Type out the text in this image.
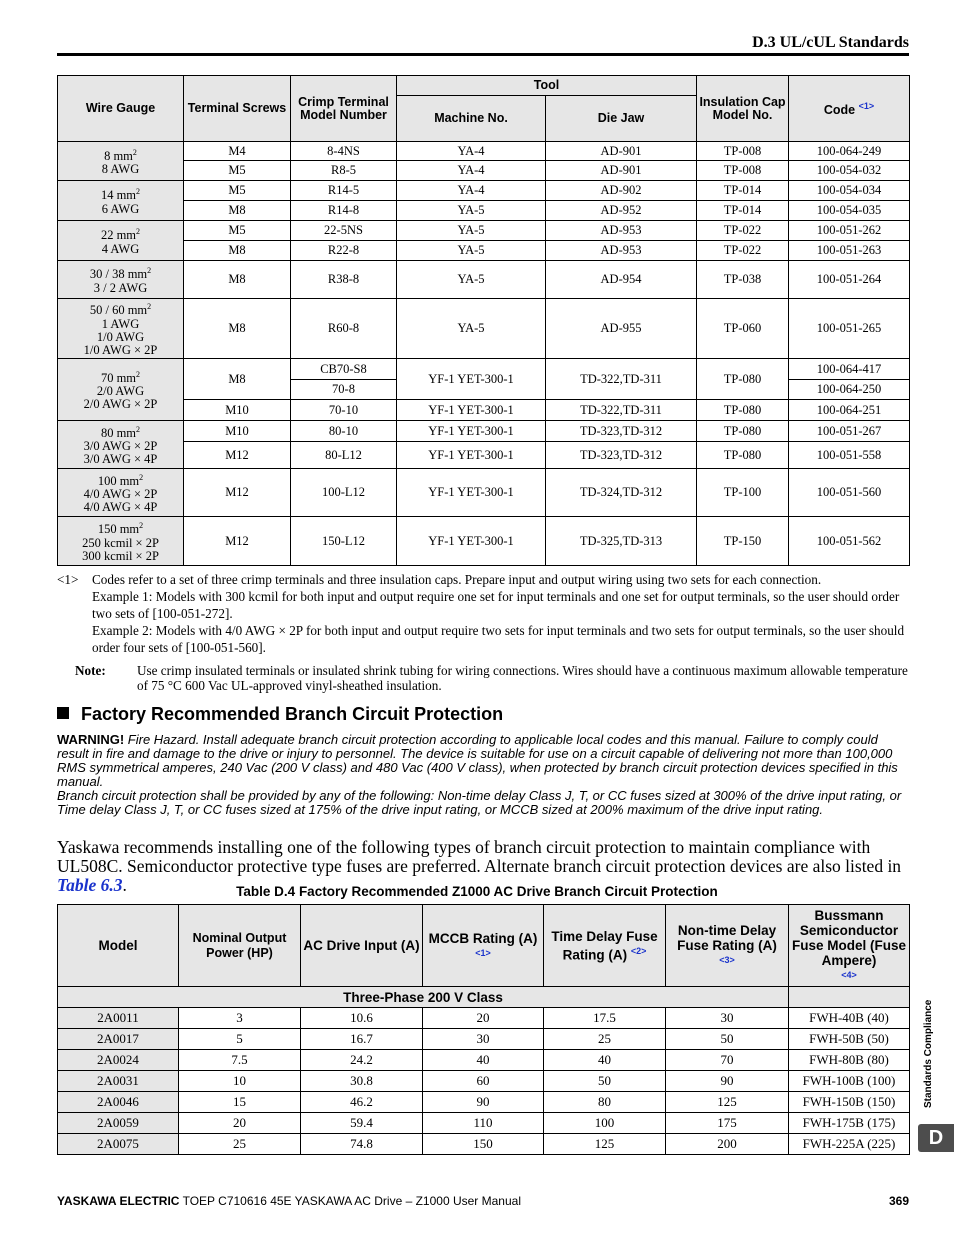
D.3 UL/cUL Standards
Wire Gauge	Terminal Screws	Crimp Terminal Model Number	Tool		Insulation Cap Model No.	Code $^{<1>}$
			Machine No.	Die Jaw		
8 $mm^2$
8 AWG	M4	8-4NS	YA-4	AD-901	TP-008	100-064-249
	M5	R8-5	YA-4	AD-901	TP-008	100-054-032
14 $mm^2$
6 AWG	M5	R14-5	YA-4	AD-902	TP-014	100-054-034
	M8	R14-8	YA-5	AD-952	TP-014	100-054-035
22 $mm^2$
4 AWG	M5	22-5NS	YA-5	AD-953	TP-022	100-051-262
	M8	R22-8	YA-5	AD-953	TP-022	100-051-263
30 / 38 $mm^2$
3 / 2 AWG	M8	R38-8	YA-5	AD-954	TP-038	100-051-264
50 / 60 $mm^2$
1 AWG
1/0 AWG
1/0 AWG × 2P	M8	R60-8	YA-5	AD-955	TP-060	100-051-265
70 $mm^2$
2/0 AWG
2/0 AWG × 2P	M8	CB70-S8	YF-1 YET-300-1	TD-322,TD-311	TP-080	100-064-417
		70-8				100-064-250
	M10	70-10	YF-1 YET-300-1	TD-322,TD-311	TP-080	100-064-251
80 $mm^2$
3/0 AWG × 2P
3/0 AWG × 4P	M10	80-10	YF-1 YET-300-1	TD-323,TD-312	TP-080	100-051-267
	M12	80-L12	YF-1 YET-300-1	TD-323,TD-312	TP-080	100-051-558
100 $mm^2$
4/0 AWG × 2P
4/0 AWG × 4P	M12	100-L12	YF-1 YET-300-1	TD-324,TD-312	TP-100	100-051-560
150 $mm^2$
250 kcmil × 2P
300 kcmil × 2P	M12	150-L12	YF-1 YET-300-1	TD-325,TD-313	TP-150	100-051-562
<1> Codes refer to a set of three crimp terminals and three insulation caps. Prepare input and output wiring using two sets for each connection.
Example 1: Models with 300 kcmil for both input and output require one set for input terminals and one set for output terminals, so the user should order two sets of [100-051-272].
Example 2: Models with 4/0 AWG × 2P for both input and output require two sets for input terminals and two sets for output terminals, so the user should order four sets of [100-051-560].
Note: Use crimp insulated terminals or insulated shrink tubing for wiring connections. Wires should have a continuous maximum allowable temperature of 75 °C 600 Vac UL-approved vinyl-sheathed insulation.
Factory Recommended Branch Circuit Protection
WARNING! Fire Hazard. Install adequate branch circuit protection according to applicable local codes and this manual. Failure to comply could result in fire and damage to the drive or injury to personnel. The device is suitable for use on a circuit capable of delivering not more than 100,000 RMS symmetrical amperes, 240 Vac (200 V class) and 480 Vac (400 V class), when protected by branch circuit protection devices specified in this manual.
Branch circuit protection shall be provided by any of the following: Non-time delay Class J, T, or CC fuses sized at 300% of the drive input rating, or Time delay Class J, T, or CC fuses sized at 175% of the drive input rating, or MCCB sized at 200% maximum of the drive input rating.
Yaskawa recommends installing one of the following types of branch circuit protection to maintain compliance with UL508C. Semiconductor protective type fuses are preferred. Alternate branch circuit protection devices are also listed in Table 6.3.	Table D.4 Factory Recommended Z1000 AC Drive Branch Circuit Protection
Model	Nominal Output Power (HP)	AC Drive Input (A)	MCCB Rating (A)
$^{<1>}$	Time Delay Fuse Rating (A) $^{<2>}$	Non-time Delay Fuse Rating (A)
$^{<3>}$	Bussmann Semiconductor Fuse Model (Fuse Ampere)
$^{<4>}$
Three-Phase 200 V Class						
2A0011	3	10.6	20	17.5	30	FWH-40B (40)
2A0017	5	16.7	30	25	50	FWH-50B (50)
2A0024	7.5	24.2	40	40	70	FWH-80B (80)
2A0031	10	30.8	60	50	90	FWH-100B (100)
2A0046	15	46.2	90	80	125	FWH-150B (150)
2A0059	20	59.4	110	100	175	FWH-175B (175)
2A0075	25	74.8	150	125	200	FWH-225A (225)
Standards Compliance
D
YASKAWA ELECTRIC TOEP C710616 45E YASKAWA AC Drive – Z1000 User Manual	369
